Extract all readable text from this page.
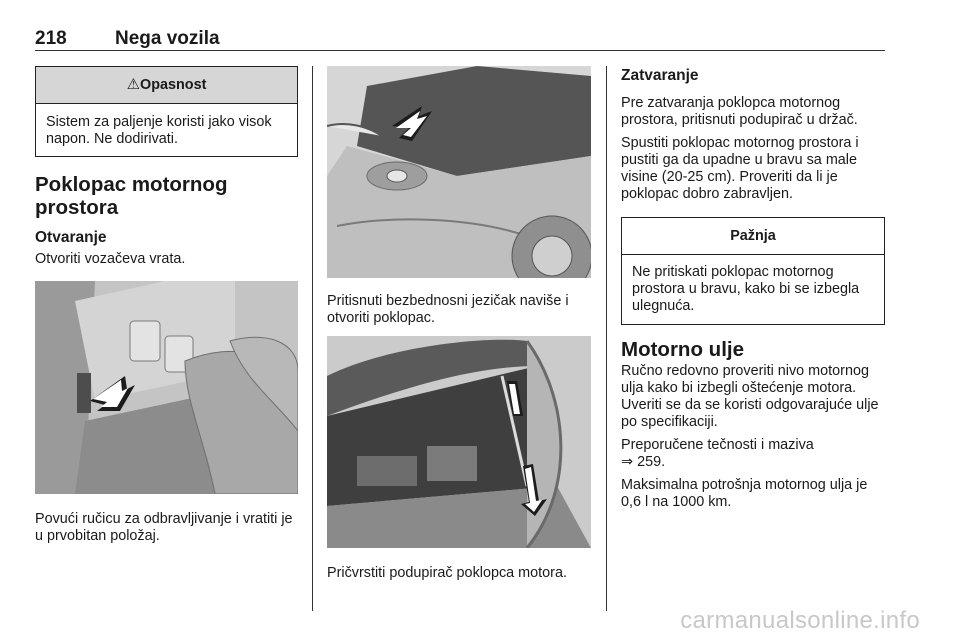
218	Nega vozila
⚠Opasnost
Sistem za paljenje koristi jako visok napon. Ne dodirivati.
Poklopac motornog prostora
Otvaranje

Otvoriti vozačeva vrata.

Povući ručicu za odbravljivanje i vratiti je u prvobitan položaj.

Pritisnuti bezbednosni jezičak naviše i otvoriti poklopac.

Pričvrstiti podupirač poklopca motora.

Zatvaranje

Pre zatvaranja poklopca motornog prostora, pritisnuti podupirač u držač.

Spustiti poklopac motornog prostora i pustiti ga da upadne u bravu sa male visine (20-25 cm). Proveriti da li je poklopac dobro zabravljen.

Pažnja
Ne pritiskati poklopac motornog prostora u bravu, kako bi se izbegla ulegnuća.
Motorno ulje

Ručno redovno proveriti nivo motornog ulja kako bi izbegli oštećenje motora. Uveriti se da se koristi odgovarajuće ulje po specifikaciji.

Preporučene tečnosti i maziva
⇒ 259.

Maksimalna potrošnja motornog ulja je 0,6 l na 1000 km.

carmanualsonline.info
